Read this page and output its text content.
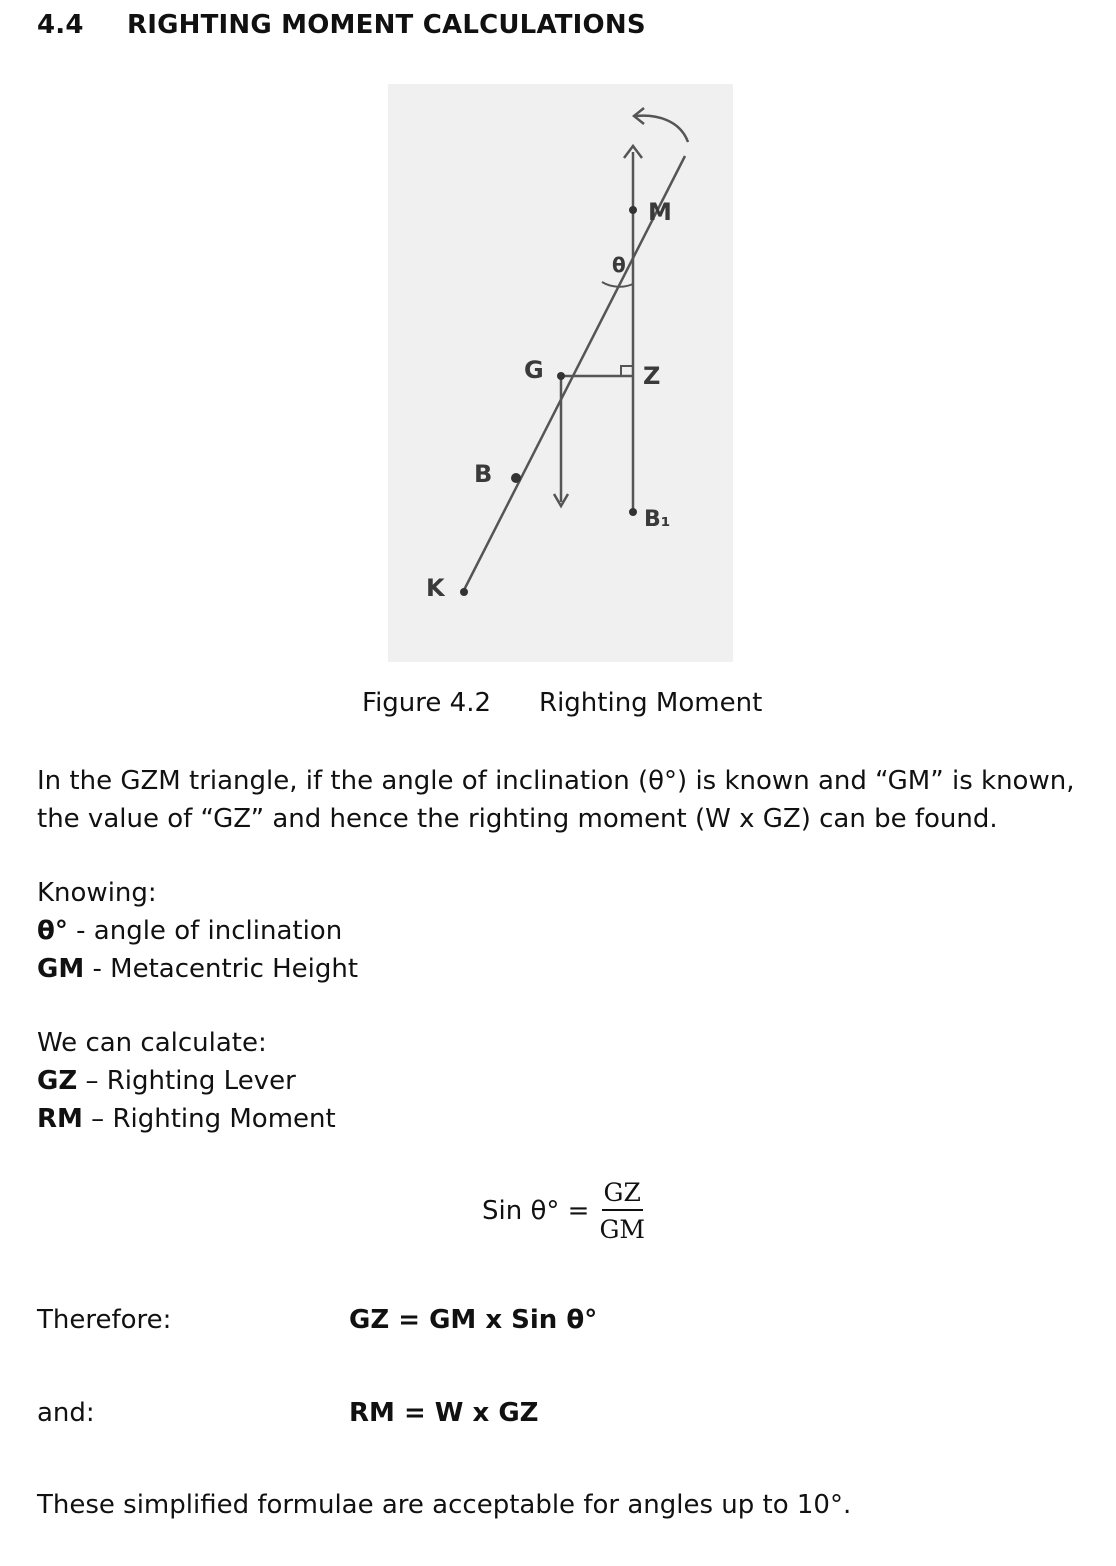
4.4 RIGHTING MOMENT CALCULATIONS
M
θ
G	Z
B
B₁
K
Figure 4.2 Righting Moment
In the GZM triangle, if the angle of inclination (θ°) is known and “GM” is known,
the value of “GZ” and hence the righting moment (W x GZ) can be found.
Knowing:
θ° - angle of inclination
GM - Metacentric Height
We can calculate:
GZ – Righting Lever
RM – Righting Moment
Sin $\theta^\circ = \frac{GZ}{GM}$
Therefore:	GZ = GM x Sin θ°
and:	RM = W x GZ
These simplified formulae are acceptable for angles up to 10°.
